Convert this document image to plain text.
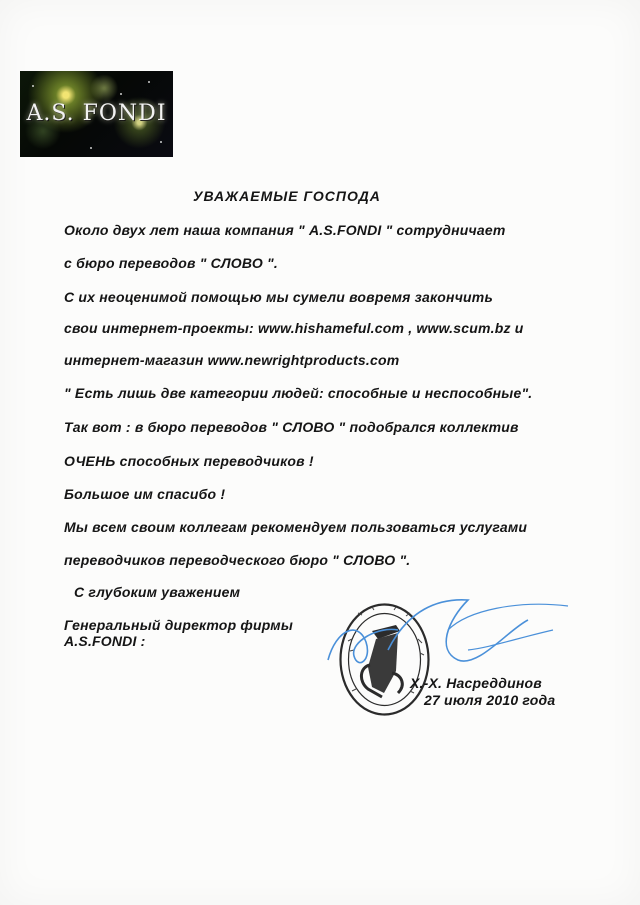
A.S. FONDI

УВАЖАЕМЫЕ ГОСПОДА

Около двух лет наша компания " A.S.FONDI " сотрудничает

с бюро переводов " СЛОВО ".

С их неоценимой помощью мы сумели вовремя закончить

свои интернет-проекты: www.hishameful.com , www.scum.bz и

интернет-магазин www.newrightproducts.com

" Есть лишь две категории людей: способные и неспособные".

Так вот : в бюро переводов " СЛОВО " подобрался коллектив

ОЧЕНЬ способных переводчиков !

Большое им спасибо !

Мы всем своим коллегам рекомендуем пользоваться услугами

переводчиков переводческого бюро " СЛОВО ".

С глубоким уважением

Генеральный директор фирмы

A.S.FONDI :

Х.-Х. Насреддинов

27 июля 2010 года
